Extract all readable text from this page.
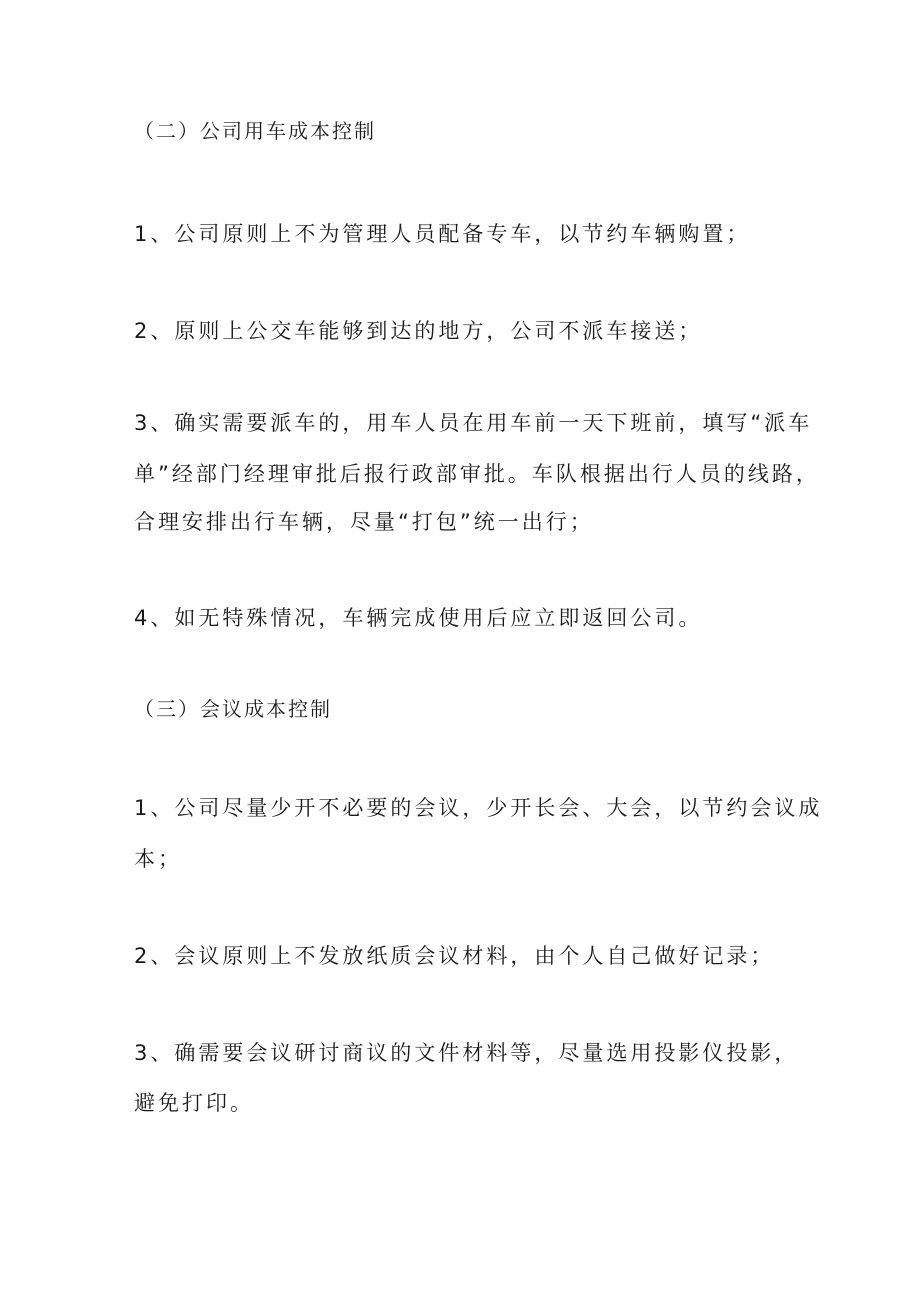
（二）公司用车成本控制

1、公司原则上不为管理人员配备专车，以节约车辆购置；

2、原则上公交车能够到达的地方，公司不派车接送；

3、确实需要派车的，用车人员在用车前一天下班前，填写“派车

单”经部门经理审批后报行政部审批。车队根据出行人员的线路，

合理安排出行车辆，尽量“打包”统一出行；

4、如无特殊情况，车辆完成使用后应立即返回公司。

（三）会议成本控制

1、公司尽量少开不必要的会议，少开长会、大会，以节约会议成

本；

2、会议原则上不发放纸质会议材料，由个人自己做好记录；

3、确需要会议研讨商议的文件材料等，尽量选用投影仪投影，

避免打印。
